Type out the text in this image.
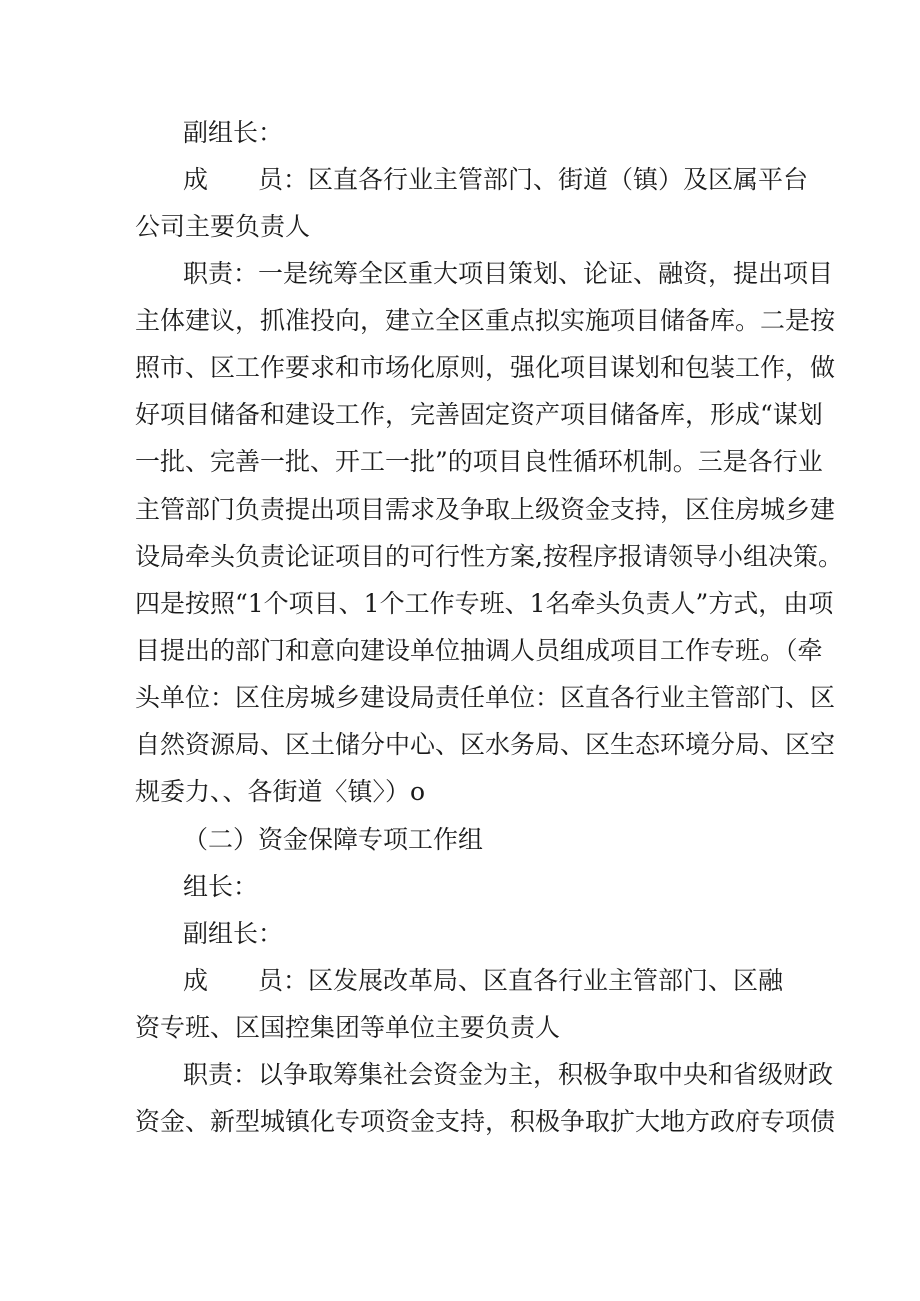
副组长：

成　　员：区直各行业主管部门、街道（镇）及区属平台

公司主要负责人

职责：一是统筹全区重大项目策划、论证、融资，提出项目

主体建议，抓准投向，建立全区重点拟实施项目储备库。二是按

照市、区工作要求和市场化原则，强化项目谋划和包装工作，做

好项目储备和建设工作，完善固定资产项目储备库，形成“谋划

一批、完善一批、开工一批”的项目良性循环机制。三是各行业

主管部门负责提出项目需求及争取上级资金支持，区住房城乡建

设局牵头负责论证项目的可行性方案,按程序报请领导小组决策。

四是按照“1个项目、1个工作专班、1名牵头负责人”方式，由项

目提出的部门和意向建设单位抽调人员组成项目工作专班。（牵

头单位：区住房城乡建设局责任单位：区直各行业主管部门、区

自然资源局、区土储分中心、区水务局、区生态环境分局、区空

规委力、、各街道〈镇〉）o

（二）资金保障专项工作组

组长：

副组长：

成　　员：区发展改革局、区直各行业主管部门、区融

资专班、区国控集团等单位主要负责人

职责：以争取筹集社会资金为主，积极争取中央和省级财政

资金、新型城镇化专项资金支持，积极争取扩大地方政府专项债
